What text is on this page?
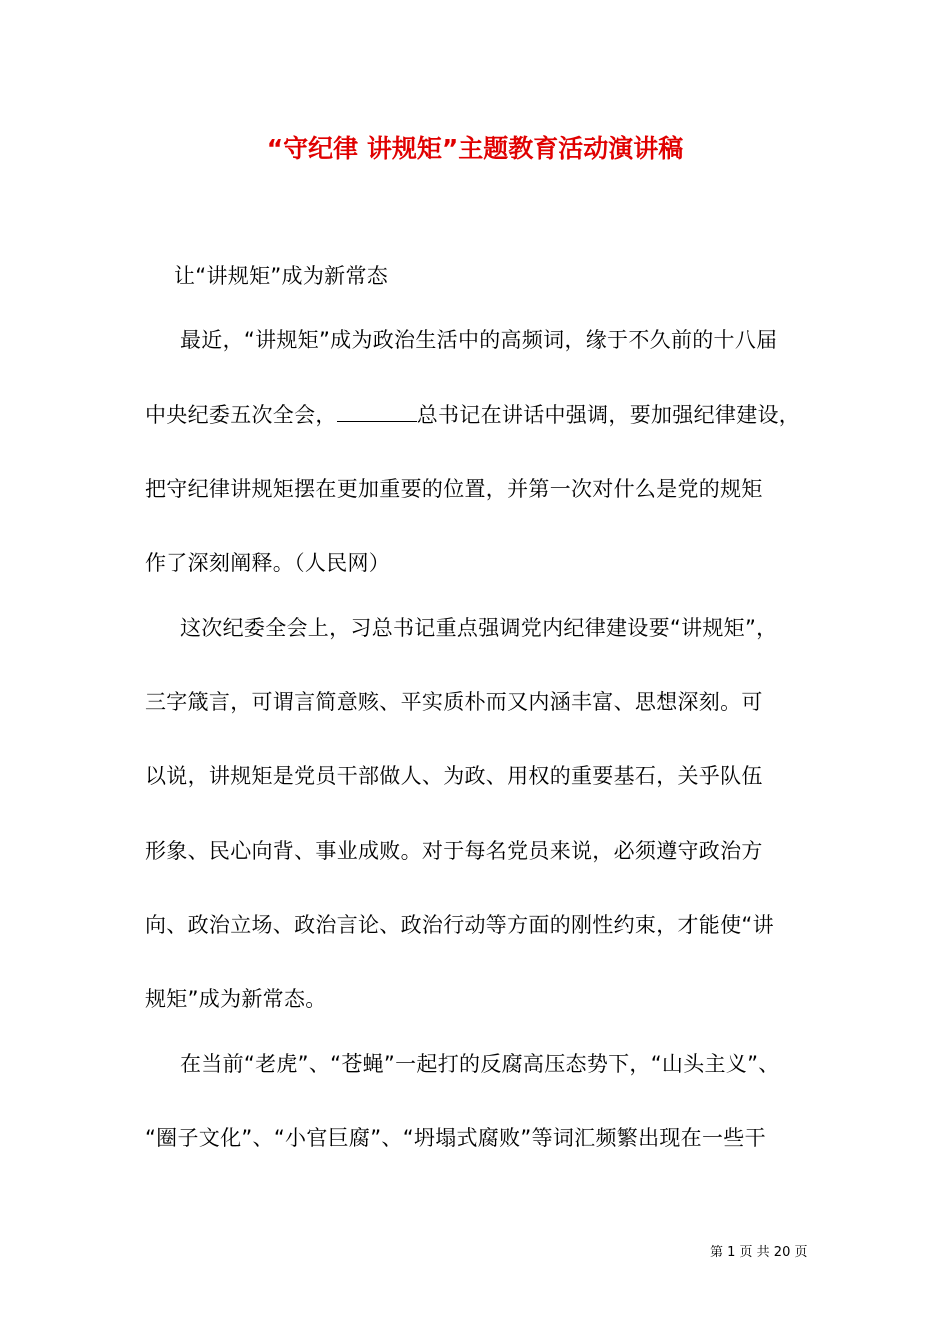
“守纪律 讲规矩”主题教育活动演讲稿
让“讲规矩”成为新常态
最近，“讲规矩”成为政治生活中的高频词，缘于不久前的十八届
中央纪委五次全会，	总书记在讲话中强调，要加强纪律建设，
把守纪律讲规矩摆在更加重要的位置，并第一次对什么是党的规矩
作了深刻阐释。（人民网）
这次纪委全会上，习总书记重点强调党内纪律建设要“讲规矩”，
三字箴言，可谓言简意赅、平实质朴而又内涵丰富、思想深刻。可
以说，讲规矩是党员干部做人、为政、用权的重要基石，关乎队伍
形象、民心向背、事业成败。对于每名党员来说，必须遵守政治方
向、政治立场、政治言论、政治行动等方面的刚性约束，才能使“讲
规矩”成为新常态。
在当前“老虎”、“苍蝇”一起打的反腐高压态势下，“山头主义”、
“圈子文化”、“小官巨腐”、“坍塌式腐败”等词汇频繁出现在一些干
第 1 页 共 20 页
